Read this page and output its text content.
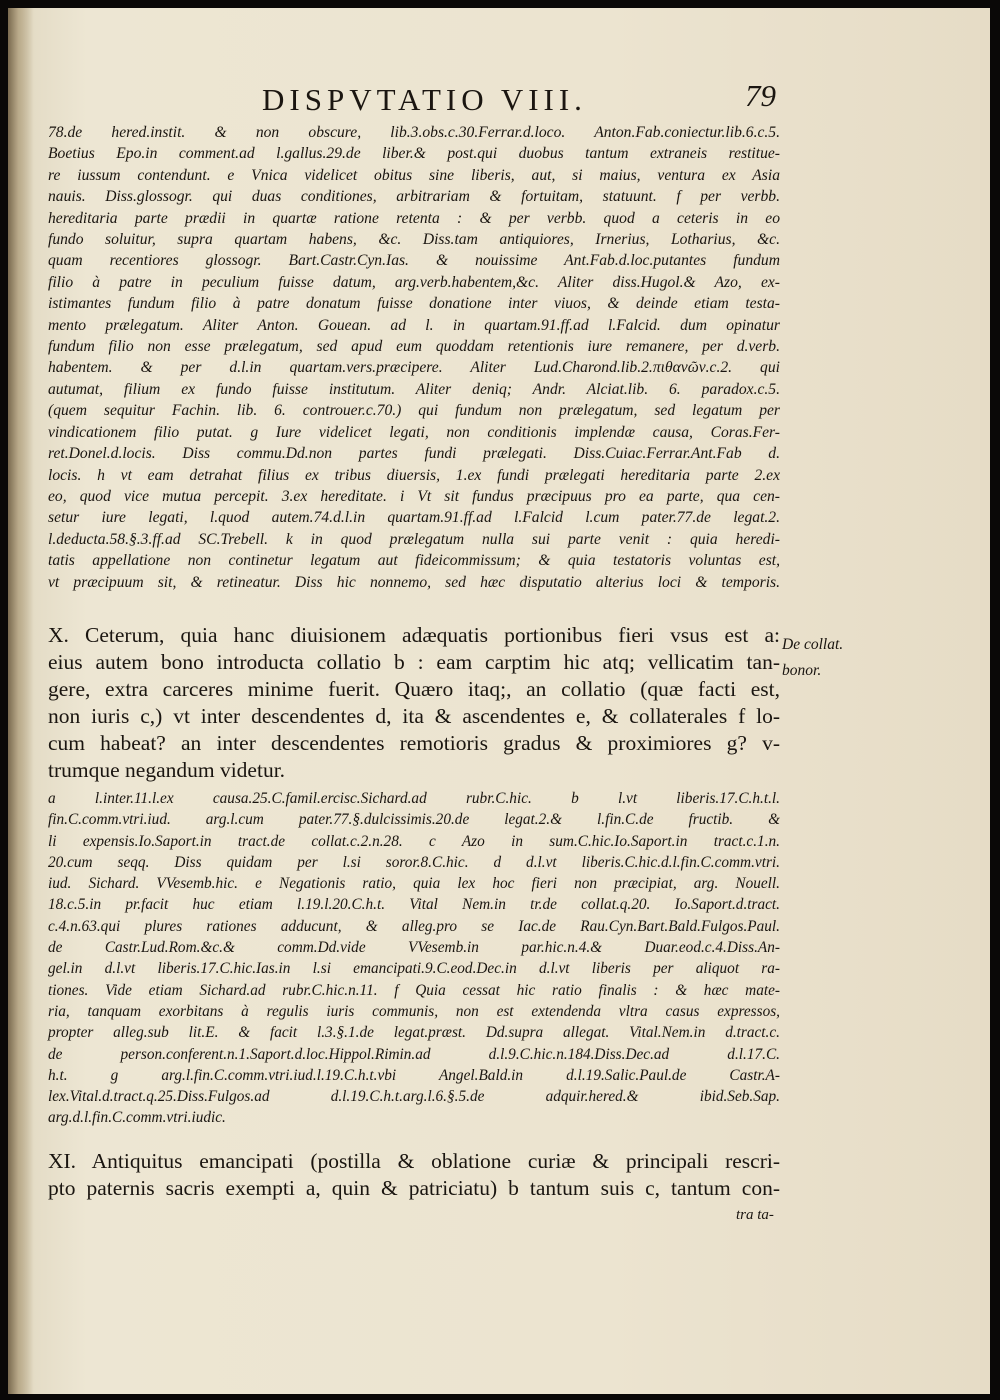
DISPVTATIO VIII.	79

78.de hered.instit. & non obscure, lib.3.obs.c.30.Ferrar.d.loco. Anton.Fab.coniectur.lib.6.c.5.
Boetius Epo.in comment.ad l.gallus.29.de liber.& post.qui duobus tantum extraneis restitue-
re iussum contendunt. e Vnica videlicet obitus sine liberis, aut, si maius, ventura ex Asia
nauis. Diss.glossogr. qui duas conditiones, arbitrariam & fortuitam, statuunt. f per verbb.
hereditaria parte prædii in quartæ ratione retenta : & per verbb. quod a ceteris in eo
fundo soluitur, supra quartam habens, &c. Diss.tam antiquiores, Irnerius, Lotharius, &c.
quam recentiores glossogr. Bart.Castr.Cyn.Ias. & nouissime Ant.Fab.d.loc.putantes fundum
filio à patre in peculium fuisse datum, arg.verb.habentem,&c. Aliter diss.Hugol.& Azo, ex-
istimantes fundum filio à patre donatum fuisse donatione inter viuos, & deinde etiam testa-
mento prælegatum. Aliter Anton. Gouean. ad l. in quartam.91.ff.ad l.Falcid. dum opinatur
fundum filio non esse prælegatum, sed apud eum quoddam retentionis iure remanere, per d.verb.
habentem. & per d.l.in quartam.vers.præcipere. Aliter Lud.Charond.lib.2.πιθανῶν.c.2. qui
autumat, filium ex fundo fuisse institutum. Aliter deniq; Andr. Alciat.lib. 6. paradox.c.5.
(quem sequitur Fachin. lib. 6. controuer.c.70.) qui fundum non prælegatum, sed legatum per
vindicationem filio putat. g Iure videlicet legati, non conditionis implendæ causa, Coras.Fer-
ret.Donel.d.locis. Diss commu.Dd.non partes fundi prælegati. Diss.Cuiac.Ferrar.Ant.Fab d.
locis. h vt eam detrahat filius ex tribus diuersis, 1.ex fundi prælegati hereditaria parte 2.ex
eo, quod vice mutua percepit. 3.ex hereditate. i Vt sit fundus præcipuus pro ea parte, qua cen-
setur iure legati, l.quod autem.74.d.l.in quartam.91.ff.ad l.Falcid l.cum pater.77.de legat.2.
l.deducta.58.§.3.ff.ad SC.Trebell. k in quod prælegatum nulla sui parte venit : quia heredi-
tatis appellatione non continetur legatum aut fideicommissum; & quia testatoris voluntas est,
vt præcipuum sit, & retineatur. Diss hic nonnemo, sed hæc disputatio alterius loci & temporis.

X. Ceterum, quia hanc diuisionem adæquatis portionibus fieri vsus est a:
eius autem bono introducta collatio b : eam carptim hic atq; vellicatim tan-
gere, extra carceres minime fuerit. Quæro itaq;, an collatio (quæ facti est,
non iuris c,) vt inter descendentes d, ita & ascendentes e, & collaterales f lo-
cum habeat? an inter descendentes remotioris gradus & proximiores g? v-
trumque negandum videtur.

De collat.
bonor.

a l.inter.11.l.ex causa.25.C.famil.ercisc.Sichard.ad rubr.C.hic. b l.vt liberis.17.C.h.t.l.
fin.C.comm.vtri.iud. arg.l.cum pater.77.§.dulcissimis.20.de legat.2.& l.fin.C.de fructib. &
li expensis.Io.Saport.in tract.de collat.c.2.n.28. c Azo in sum.C.hic.Io.Saport.in tract.c.1.n.
20.cum seqq. Diss quidam per l.si soror.8.C.hic. d d.l.vt liberis.C.hic.d.l.fin.C.comm.vtri.
iud. Sichard. VVesemb.hic. e Negationis ratio, quia lex hoc fieri non præcipiat, arg. Nouell.
18.c.5.in pr.facit huc etiam l.19.l.20.C.h.t. Vital Nem.in tr.de collat.q.20. Io.Saport.d.tract.
c.4.n.63.qui plures rationes adducunt, & alleg.pro se Iac.de Rau.Cyn.Bart.Bald.Fulgos.Paul.
de Castr.Lud.Rom.&c.& comm.Dd.vide VVesemb.in par.hic.n.4.& Duar.eod.c.4.Diss.An-
gel.in d.l.vt liberis.17.C.hic.Ias.in l.si emancipati.9.C.eod.Dec.in d.l.vt liberis per aliquot ra-
tiones. Vide etiam Sichard.ad rubr.C.hic.n.11. f Quia cessat hic ratio finalis : & hæc mate-
ria, tanquam exorbitans à regulis iuris communis, non est extendenda vltra casus expressos,
propter alleg.sub lit.E. & facit l.3.§.1.de legat.præst. Dd.supra allegat. Vital.Nem.in d.tract.c.
de person.conferent.n.1.Saport.d.loc.Hippol.Rimin.ad d.l.9.C.hic.n.184.Diss.Dec.ad d.l.17.C.
h.t. g arg.l.fin.C.comm.vtri.iud.l.19.C.h.t.vbi Angel.Bald.in d.l.19.Salic.Paul.de Castr.A-
lex.Vital.d.tract.q.25.Diss.Fulgos.ad d.l.19.C.h.t.arg.l.6.§.5.de adquir.hered.& ibid.Seb.Sap.
arg.d.l.fin.C.comm.vtri.iudic.

XI. Antiquitus emancipati (postilla & oblatione curiæ & principali rescri-
pto paternis sacris exempti a, quin & patriciatu) b tantum suis c, tantum con-

tra ta-
